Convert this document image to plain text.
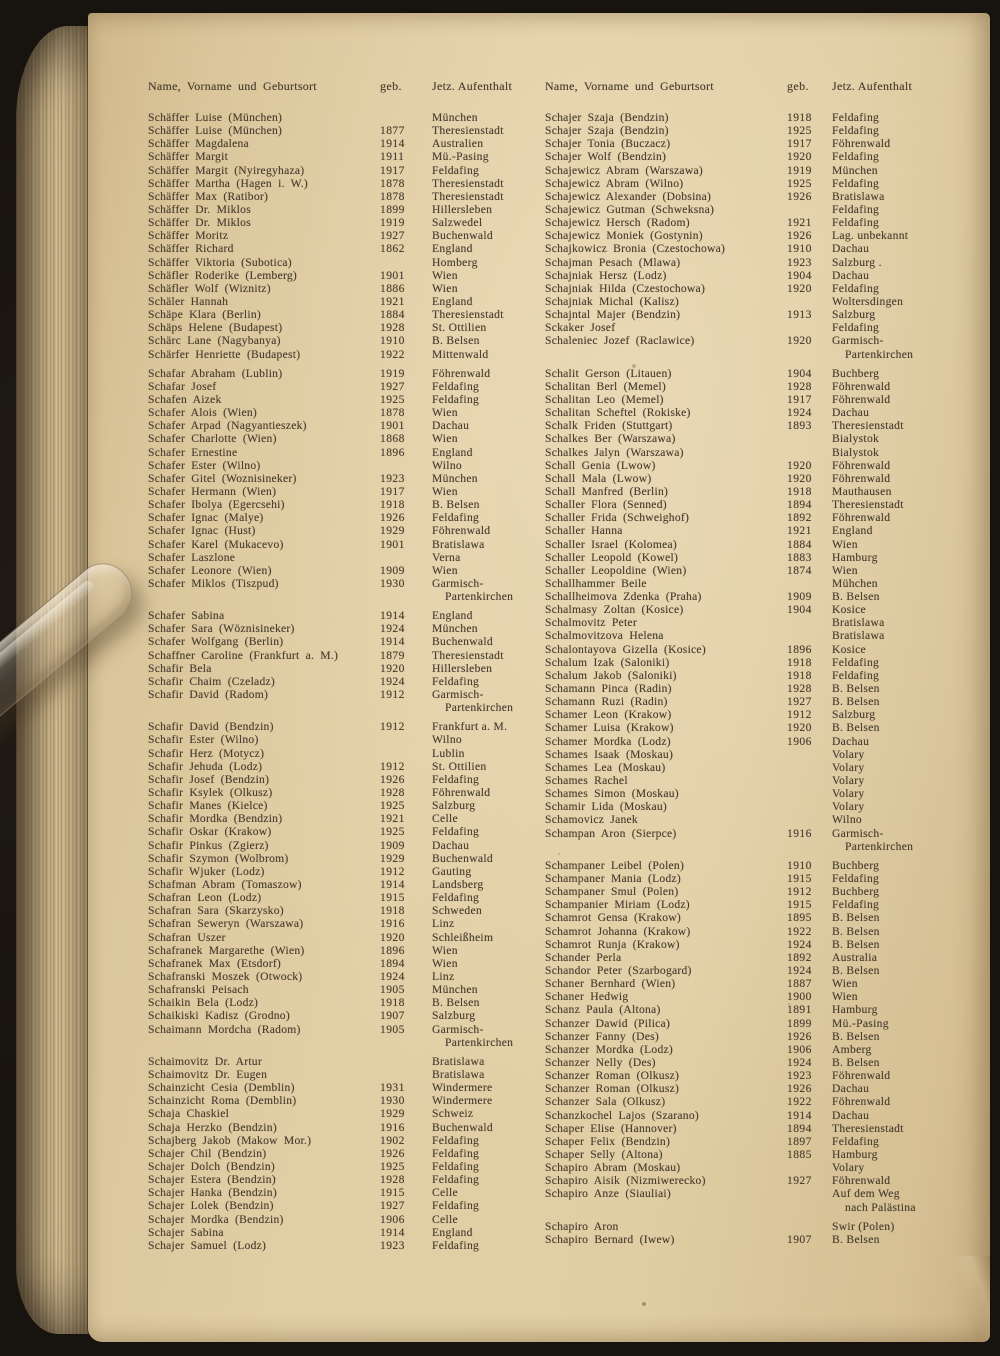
Name, Vorname und Geburtsort	geb.	Jetz. Aufenthalt
Schäffer Luise (München)	München
Schäffer Luise (München)	1877	Theresienstadt
Schäffer Magdalena	1914	Australien
Schäffer Margit	1911	Mü.-Pasing
Schäffer Margit (Nyiregyhaza)	1917	Feldafing
Schäffer Martha (Hagen i. W.)	1878	Theresienstadt
Schäffer Max (Ratibor)	1878	Theresienstadt
Schäffer Dr. Miklos	1899	Hillersleben
Schäffer Dr. Miklos	1919	Salzwedel
Schäffer Moritz	1927	Buchenwald
Schäffer Richard	1862	England
Schäffer Viktoria (Subotica)	Homberg
Schäfler Roderike (Lemberg)	1901	Wien
Schäfler Wolf (Wiznitz)	1886	Wien
Schäler Hannah	1921	England
Schäpe Klara (Berlin)	1884	Theresienstadt
Schäps Helene (Budapest)	1928	St. Ottilien
Schärc Lane (Nagybanya)	1910	B. Belsen
Schärfer Henriette (Budapest)	1922	Mittenwald
Schafar Abraham (Lublin)	1919	Föhrenwald
Schafar Josef	1927	Feldafing
Schafen Aizek	1925	Feldafing
Schafer Alois (Wien)	1878	Wien
Schafer Arpad (Nagyantieszek)	1901	Dachau
Schafer Charlotte (Wien)	1868	Wien
Schafer Ernestine	1896	England
Schafer Ester (Wilno)	Wilno
Schafer Gitel (Woznisineker)	1923	München
Schafer Hermann (Wien)	1917	Wien
Schafer Ibolya (Egercsehi)	1918	B. Belsen
Schafer Ignac (Malye)	1926	Feldafing
Schafer Ignac (Hust)	1929	Föhrenwald
Schafer Karel (Mukacevo)	1901	Bratislawa
Schafer Laszlone	Verna
Schafer Leonore (Wien)	1909	Wien
Schafer Miklos (Tiszpud)	1930	Garmisch-
Partenkirchen
Schafer Sabina	1914	England
Schafer Sara (Wöznisineker)	1924	München
Schafer Wolfgang (Berlin)	1914	Buchenwald
Schaffner Caroline (Frankfurt a. M.)	1879	Theresienstadt
Schafir Bela	1920	Hillersleben
Schafir Chaim (Czeladz)	1924	Feldafing
Schafir David (Radom)	1912	Garmisch-
Partenkirchen
Schafir David (Bendzin)	1912	Frankfurt a. M.
Schafir Ester (Wilno)	Wilno
Schafir Herz (Motycz)	Lublin
Schafir Jehuda (Lodz)	1912	St. Ottilien
Schafir Josef (Bendzin)	1926	Feldafing
Schafir Ksylek (Olkusz)	1928	Föhrenwald
Schafir Manes (Kielce)	1925	Salzburg
Schafir Mordka (Bendzin)	1921	Celle
Schafir Oskar (Krakow)	1925	Feldafing
Schafir Pinkus (Zgierz)	1909	Dachau
Schafir Szymon (Wolbrom)	1929	Buchenwald
Schafir Wjuker (Lodz)	1912	Gauting
Schafman Abram (Tomaszow)	1914	Landsberg
Schafran Leon (Lodz)	1915	Feldafing
Schafran Sara (Skarzysko)	1918	Schweden
Schafran Seweryn (Warszawa)	1916	Linz
Schafran Uszer	1920	Schleißheim
Schafranek Margarethe (Wien)	1896	Wien
Schafranek Max (Etsdorf)	1894	Wien
Schafranski Moszek (Otwock)	1924	Linz
Schafranski Peisach	1905	München
Schaikin Bela (Lodz)	1918	B. Belsen
Schaikiski Kadisz (Grodno)	1907	Salzburg
Schaimann Mordcha (Radom)	1905	Garmisch-
Partenkirchen
Schaimovitz Dr. Artur	Bratislawa
Schaimovitz Dr. Eugen	Bratislawa
Schainzicht Cesia (Demblin)	1931	Windermere
Schainzicht Roma (Demblin)	1930	Windermere
Schaja Chaskiel	1929	Schweiz
Schaja Herzko (Bendzin)	1916	Buchenwald
Schajberg Jakob (Makow Mor.)	1902	Feldafing
Schajer Chil (Bendzin)	1926	Feldafing
Schajer Dolch (Bendzin)	1925	Feldafing
Schajer Estera (Bendzin)	1928	Feldafing
Schajer Hanka (Bendzin)	1915	Celle
Schajer Lolek (Bendzin)	1927	Feldafing
Schajer Mordka (Bendzin)	1906	Celle
Schajer Sabina	1914	England
Schajer Samuel (Lodz)	1923	Feldafing
Name, Vorname und Geburtsort	geb.	Jetz. Aufenthalt
Schajer Szaja (Bendzin)	1918	Feldafing
Schajer Szaja (Bendzin)	1925	Feldafing
Schajer Tonia (Buczacz)	1917	Föhrenwald
Schajer Wolf (Bendzin)	1920	Feldafing
Schajewicz Abram (Warszawa)	1919	München
Schajewicz Abram (Wilno)	1925	Feldafing
Schajewicz Alexander (Dobsina)	1926	Bratislawa
Schajewicz Gutman (Schweksna)	Feldafing
Schajewicz Hersch (Radom)	1921	Feldafing
Schajewicz Moniek (Gostynin)	1926	Lag. unbekannt
Schajkowicz Bronia (Czestochowa)	1910	Dachau
Schajman Pesach (Mlawa)	1923	Salzburg .
Schajniak Hersz (Lodz)	1904	Dachau
Schajniak Hilda (Czestochowa)	1920	Feldafing
Schajniak Michal (Kalisz)	Woltersdingen
Schajntal Majer (Bendzin)	1913	Salzburg
Sckaker Josef	Feldafing
Schaleniec Jozef (Raclawice)	1920	Garmisch-
Partenkirchen
Schalit Gerson (Litauen)	1904	Buchberg
Schalitan Berl (Memel)	1928	Föhrenwald
Schalitan Leo (Memel)	1917	Föhrenwald
Schalitan Scheftel (Rokiske)	1924	Dachau
Schalk Friden (Stuttgart)	1893	Theresienstadt
Schalkes Ber (Warszawa)	Bialystok
Schalkes Jalyn (Warszawa)	Bialystok
Schall Genia (Lwow)	1920	Föhrenwald
Schall Mala (Lwow)	1920	Föhrenwald
Schall Manfred (Berlin)	1918	Mauthausen
Schaller Flora (Senned)	1894	Theresienstadt
Schaller Frida (Schweighof)	1892	Föhrenwald
Schaller Hanna	1921	England
Schaller Israel (Kolomea)	1884	Wien
Schaller Leopold (Kowel)	1883	Hamburg
Schaller Leopoldine (Wien)	1874	Wien
Schallhammer Beile	Mühchen
Schallheimova Zdenka (Praha)	1909	B. Belsen
Schalmasy Zoltan (Kosice)	1904	Kosice
Schalmovitz Peter	Bratislawa
Schalmovitzova Helena	Bratislawa
Schalontayova Gizella (Kosice)	1896	Kosice
Schalum Izak (Saloniki)	1918	Feldafing
Schalum Jakob (Saloniki)	1918	Feldafing
Schamann Pinca (Radin)	1928	B. Belsen
Schamann Ruzi (Radin)	1927	B. Belsen
Schamer Leon (Krakow)	1912	Salzburg
Schamer Luisa (Krakow)	1920	B. Belsen
Schamer Mordka (Lodz)	1906	Dachau
Schames Isaak (Moskau)	Volary
Schames Lea (Moskau)	Volary
Schames Rachel	Volary
Schames Simon (Moskau)	Volary
Schamir Lida (Moskau)	Volary
Schamovicz Janek	Wilno
Schampan Aron (Sierpce)	1916	Garmisch-
Partenkirchen
Schampaner Leibel (Polen)	1910	Buchberg
Schampaner Mania (Lodz)	1915	Feldafing
Schampaner Smul (Polen)	1912	Buchberg
Schampanier Miriam (Lodz)	1915	Feldafing
Schamrot Gensa (Krakow)	1895	B. Belsen
Schamrot Johanna (Krakow)	1922	B. Belsen
Schamrot Runja (Krakow)	1924	B. Belsen
Schander Perla	1892	Australia
Schandor Peter (Szarbogard)	1924	B. Belsen
Schaner Bernhard (Wien)	1887	Wien
Schaner Hedwig	1900	Wien
Schanz Paula (Altona)	1891	Hamburg
Schanzer Dawid (Pilica)	1899	Mü.-Pasing
Schanzer Fanny (Des)	1926	B. Belsen
Schanzer Mordka (Lodz)	1906	Amberg
Schanzer Nelly (Des)	1924	B. Belsen
Schanzer Roman (Olkusz)	1923	Föhrenwald
Schanzer Roman (Olkusz)	1926	Dachau
Schanzer Sala (Olkusz)	1922	Föhrenwald
Schanzkochel Lajos (Szarano)	1914	Dachau
Schaper Elise (Hannover)	1894	Theresienstadt
Schaper Felix (Bendzin)	1897	Feldafing
Schaper Selly (Altona)	1885	Hamburg
Schapiro Abram (Moskau)	Volary
Schapiro Aisik (Nizmiwerecko)	1927	Föhrenwald
Schapiro Anze (Siauliai)	Auf dem Weg
nach Palästina
Schapiro Aron	Swir (Polen)
Schapiro Bernard (Iwew)	1907	B. Belsen
